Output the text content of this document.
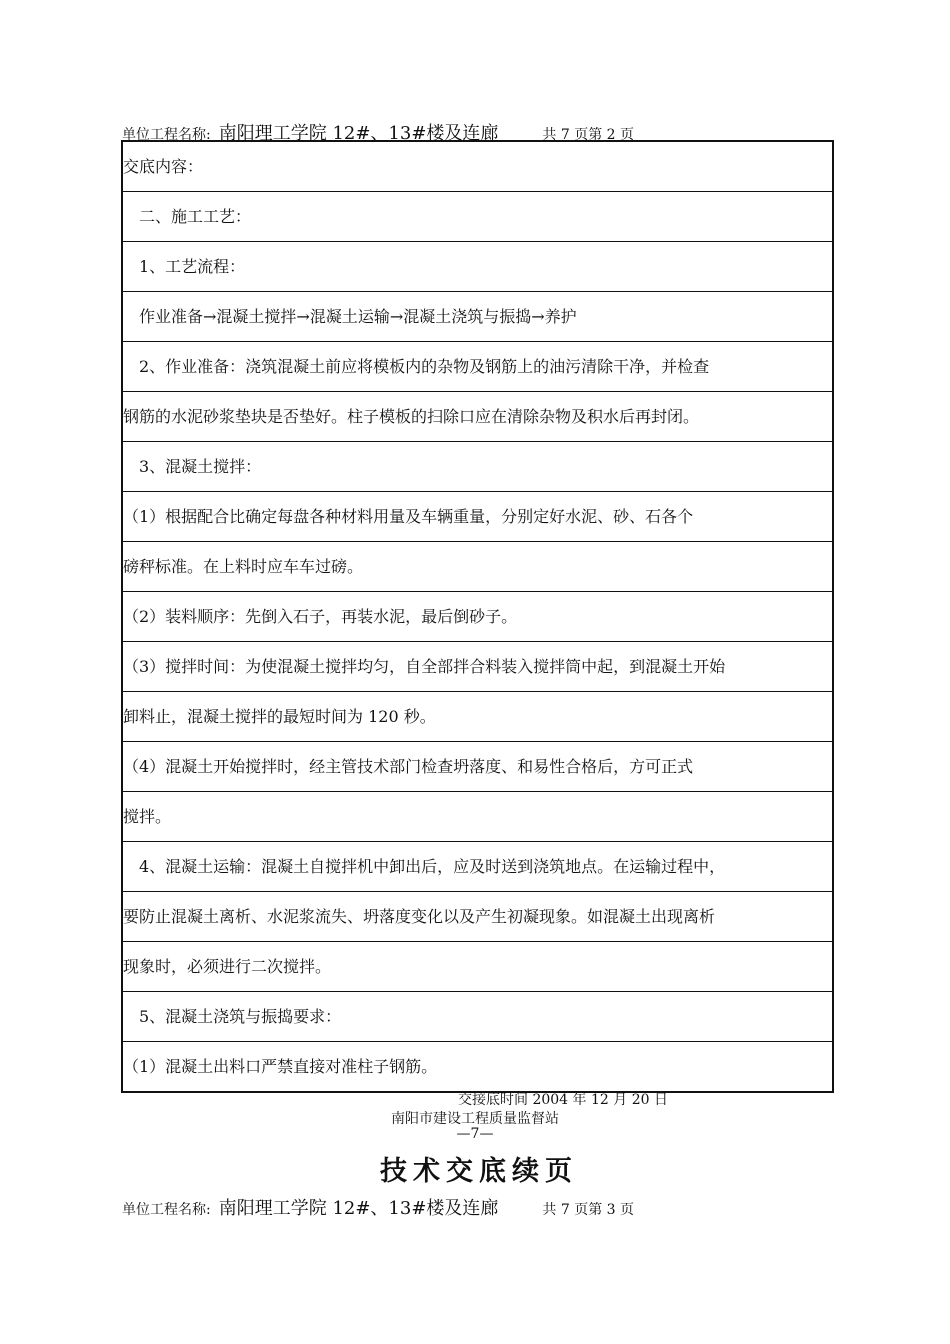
单位工程名称: 南阳理工学院 12#、13#楼及连廊	共 7 页第 2 页
交底内容：
　二、施工工艺：
　1、工艺流程：
　作业准备→混凝土搅拌→混凝土运输→混凝土浇筑与振捣→养护
　2、作业准备：浇筑混凝土前应将模板内的杂物及钢筋上的油污清除干净，并检查
钢筋的水泥砂浆垫块是否垫好。柱子模板的扫除口应在清除杂物及积水后再封闭。
　3、混凝土搅拌：
（1）根据配合比确定每盘各种材料用量及车辆重量，分别定好水泥、砂、石各个
磅秤标准。在上料时应车车过磅。
（2）装料顺序：先倒入石子，再装水泥，最后倒砂子。
（3）搅拌时间：为使混凝土搅拌均匀，自全部拌合料装入搅拌筒中起，到混凝土开始
卸料止，混凝土搅拌的最短时间为 120 秒。
（4）混凝土开始搅拌时，经主管技术部门检查坍落度、和易性合格后，方可正式
搅拌。
　4、混凝土运输：混凝土自搅拌机中卸出后，应及时送到浇筑地点。在运输过程中，
要防止混凝土离析、水泥浆流失、坍落度变化以及产生初凝现象。如混凝土出现离析
现象时，必须进行二次搅拌。
　5、混凝土浇筑与振捣要求：
（1）混凝土出料口严禁直接对准柱子钢筋。
交接底时间 2004 年 12 月 20 日
南阳市建设工程质量监督站
—7—
技术交底续页
单位工程名称: 南阳理工学院 12#、13#楼及连廊	共 7 页第 3 页
